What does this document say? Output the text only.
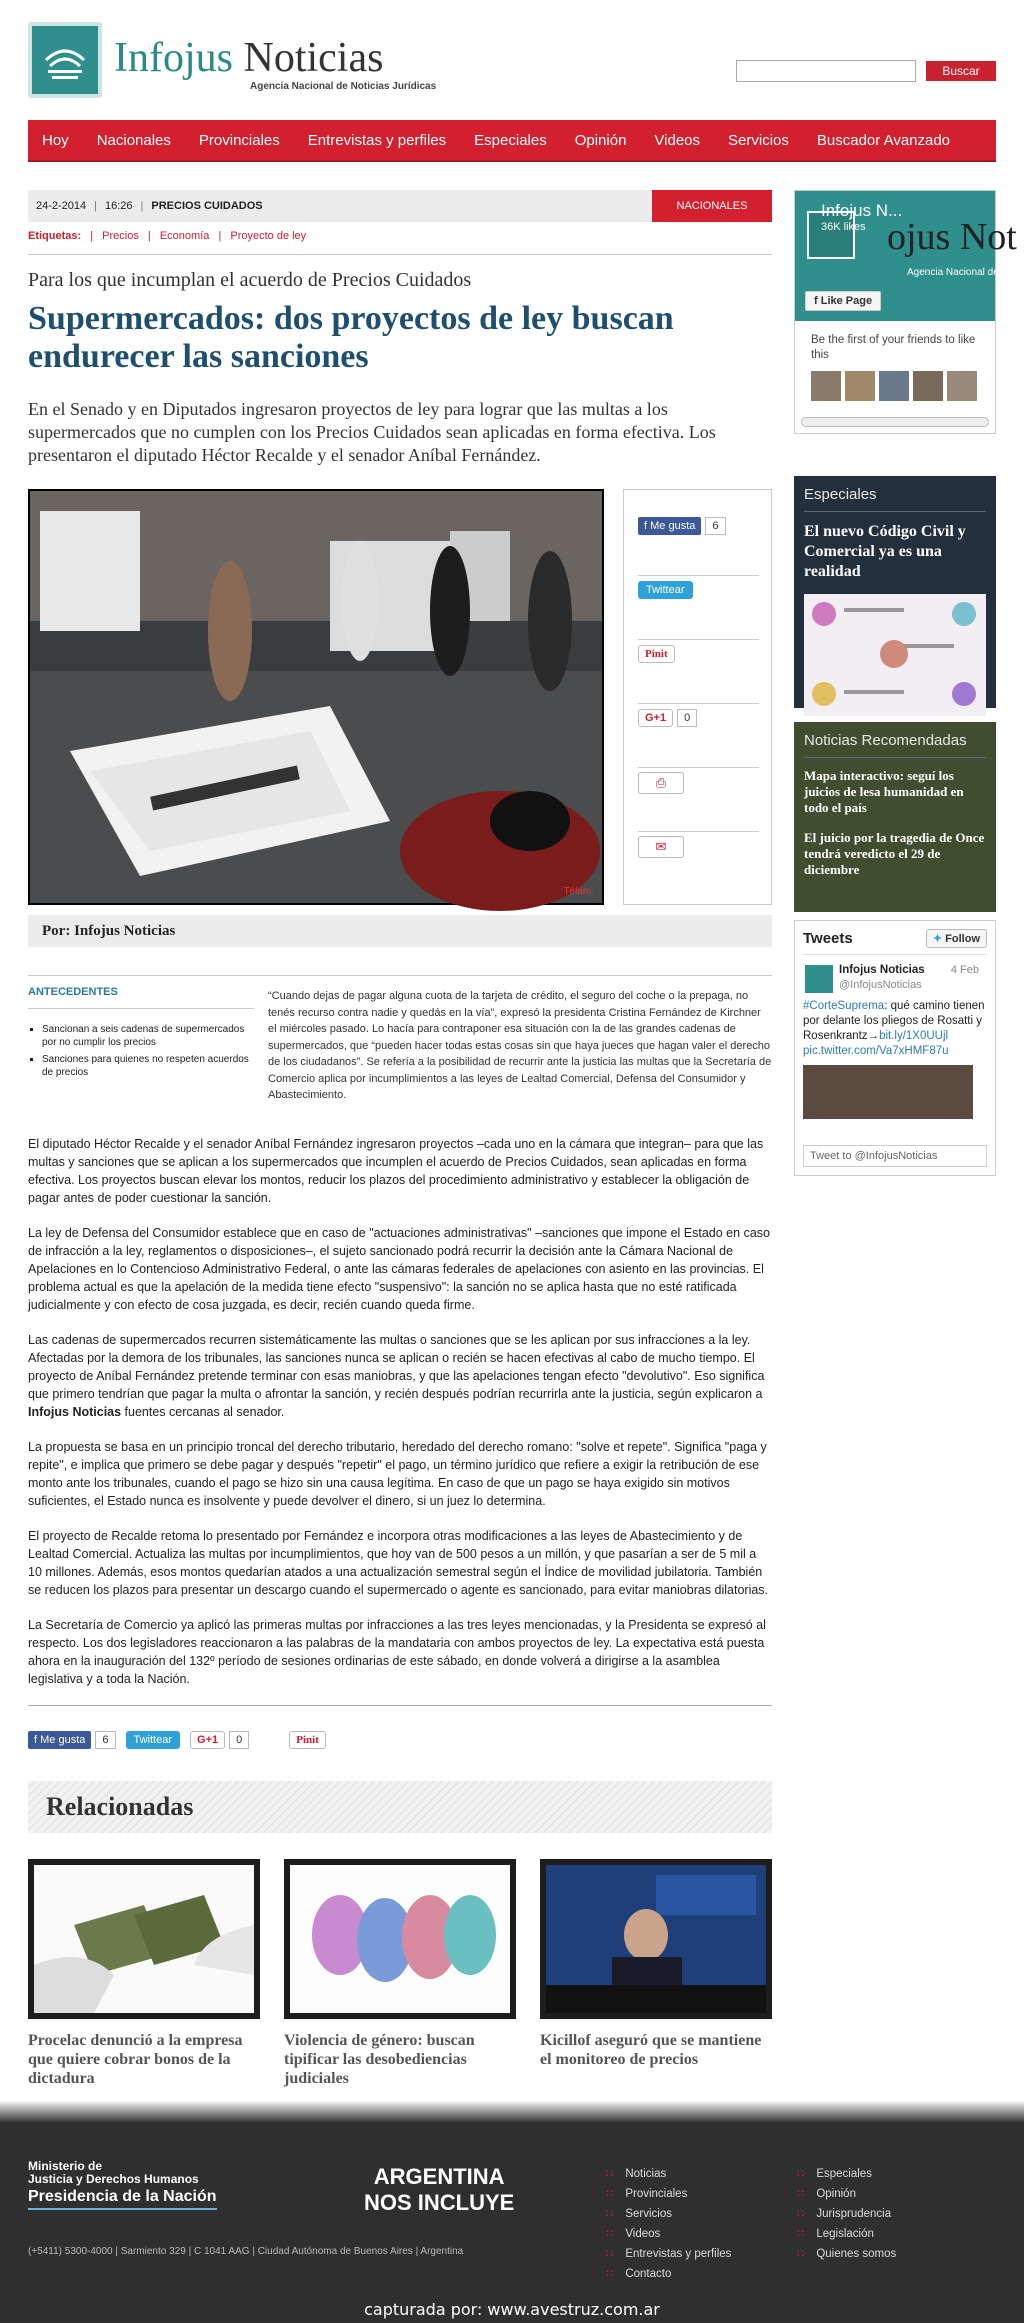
Infojus Noticias
Agencia Nacional de Noticias Jurídicas
Buscar
Hoy Nacionales Provinciales Entrevistas y perfiles Especiales Opinión Videos Servicios Buscador Avanzado
24-2-2014 | 16:26 | PRECIOS CUIDADOS	NACIONALES
Etiquetas: | Precios | Economía | Proyecto de ley
Para los que incumplan el acuerdo de Precios Cuidados
Supermercados: dos proyectos de ley buscan endurecer las sanciones
En el Senado y en Diputados ingresaron proyectos de ley para lograr que las multas a los supermercados que no cumplen con los Precios Cuidados sean aplicadas en forma efectiva. Los presentaron el diputado Héctor Recalde y el senador Aníbal Fernández.
Télam.
f Me gusta 6
Twittear
Pinit
G+1 0
⎙
✉
Por: Infojus Noticias
ANTECEDENTES
▪ Sancionan a seis cadenas de supermercados por no cumplir los precios
▪ Sanciones para quienes no respeten acuerdos de precios
“Cuando dejas de pagar alguna cuota de la tarjeta de crédito, el seguro del coche o la prepaga, no tenés recurso contra nadie y quedás en la vía”, expresó la presidenta Cristina Fernández de Kirchner el miércoles pasado. Lo hacía para contraponer esa situación con la de las grandes cadenas de supermercados, que “pueden hacer todas estas cosas sin que haya jueces que hagan valer el derecho de los ciudadanos”. Se refería a la posibilidad de recurrir ante la justicia las multas que la Secretaría de Comercio aplica por incumplimientos a las leyes de Lealtad Comercial, Defensa del Consumidor y Abastecimiento.

El diputado Héctor Recalde y el senador Aníbal Fernández ingresaron proyectos –cada uno en la cámara que integran– para que las multas y sanciones que se aplican a los supermercados que incumplen el acuerdo de Precios Cuidados, sean aplicadas en forma efectiva. Los proyectos buscan elevar los montos, reducir los plazos del procedimiento administrativo y establecer la obligación de pagar antes de poder cuestionar la sanción.

La ley de Defensa del Consumidor establece que en caso de "actuaciones administrativas" –sanciones que impone el Estado en caso de infracción a la ley, reglamentos o disposiciones–, el sujeto sancionado podrá recurrir la decisión ante la Cámara Nacional de Apelaciones en lo Contencioso Administrativo Federal, o ante las cámaras federales de apelaciones con asiento en las provincias. El problema actual es que la apelación de la medida tiene efecto "suspensivo": la sanción no se aplica hasta que no esté ratificada judicialmente y con efecto de cosa juzgada, es decir, recién cuando queda firme.

Las cadenas de supermercados recurren sistemáticamente las multas o sanciones que se les aplican por sus infracciones a la ley. Afectadas por la demora de los tribunales, las sanciones nunca se aplican o recién se hacen efectivas al cabo de mucho tiempo. El proyecto de Aníbal Fernández pretende terminar con esas maniobras, y que las apelaciones tengan efecto "devolutivo". Eso significa que primero tendrían que pagar la multa o afrontar la sanción, y recién después podrían recurrirla ante la justicia, según explicaron a Infojus Noticias fuentes cercanas al senador.

La propuesta se basa en un principio troncal del derecho tributario, heredado del derecho romano: "solve et repete". Significa "paga y repite", e implica que primero se debe pagar y después "repetir" el pago, un término jurídico que refiere a exigir la retribución de ese monto ante los tribunales, cuando el pago se hizo sin una causa legítima. En caso de que un pago se haya exigido sin motivos suficientes, el Estado nunca es insolvente y puede devolver el dinero, si un juez lo determina.

El proyecto de Recalde retoma lo presentado por Fernández e incorpora otras modificaciones a las leyes de Abastecimiento y de Lealtad Comercial. Actualiza las multas por incumplimientos, que hoy van de 500 pesos a un millón, y que pasarían a ser de 5 mil a 10 millones. Además, esos montos quedarían atados a una actualización semestral según el Índice de movilidad jubilatoria. También se reducen los plazos para presentar un descargo cuando el supermercado o agente es sancionado, para evitar maniobras dilatorias.

La Secretaría de Comercio ya aplicó las primeras multas por infracciones a las tres leyes mencionadas, y la Presidenta se expresó al respecto. Los dos legisladores reaccionaron a las palabras de la mandataria con ambos proyectos de ley. La expectativa está puesta ahora en la inauguración del 132º período de sesiones ordinarias de este sábado, en donde volverá a dirigirse a la asamblea legislativa y a toda la Nación.

f Me gusta 6	Twittear	G+1 0	Pinit
Relacionadas
Procelac denunció a la empresa que quiere cobrar bonos de la dictadura
Violencia de género: buscan tipificar las desobediencias judiciales
Kicillof aseguró que se mantiene el monitoreo de precios
Infojus N...
36K likes ojus Not
Agencia Nacional de
f Like Page
Be the first of your friends to like this
Especiales
El nuevo Código Civil y Comercial ya es una realidad
Noticias Recomendadas
Mapa interactivo: seguí los juicios de lesa humanidad en todo el país
El juicio por la tragedia de Once tendrá veredicto el 29 de diciembre
Tweets	✦ Follow
Infojus Noticias
@InfojusNoticias
4 Feb
#CorteSuprema: qué camino tienen por delante los pliegos de Rosatti y Rosenkrantz→bit.ly/1X0UUjl
pic.twitter.com/Va7xHMF87u
Tweet to @InfojusNoticias
Ministerio de
Justicia y Derechos Humanos
Presidencia de la Nación
ARGENTINA
NOS INCLUYE
(+5411) 5300-4000 | Sarmiento 329 | C 1041 AAG | Ciudad Autónoma de Buenos Aires | Argentina
∷ Noticias
∷ Provinciales
∷ Servicios
∷ Videos
∷ Entrevistas y perfiles
∷ Contacto
∷ Especiales
∷ Opinión
∷ Jurisprudencia
∷ Legislación
∷ Quienes somos
capturada por: www.avestruz.com.ar
